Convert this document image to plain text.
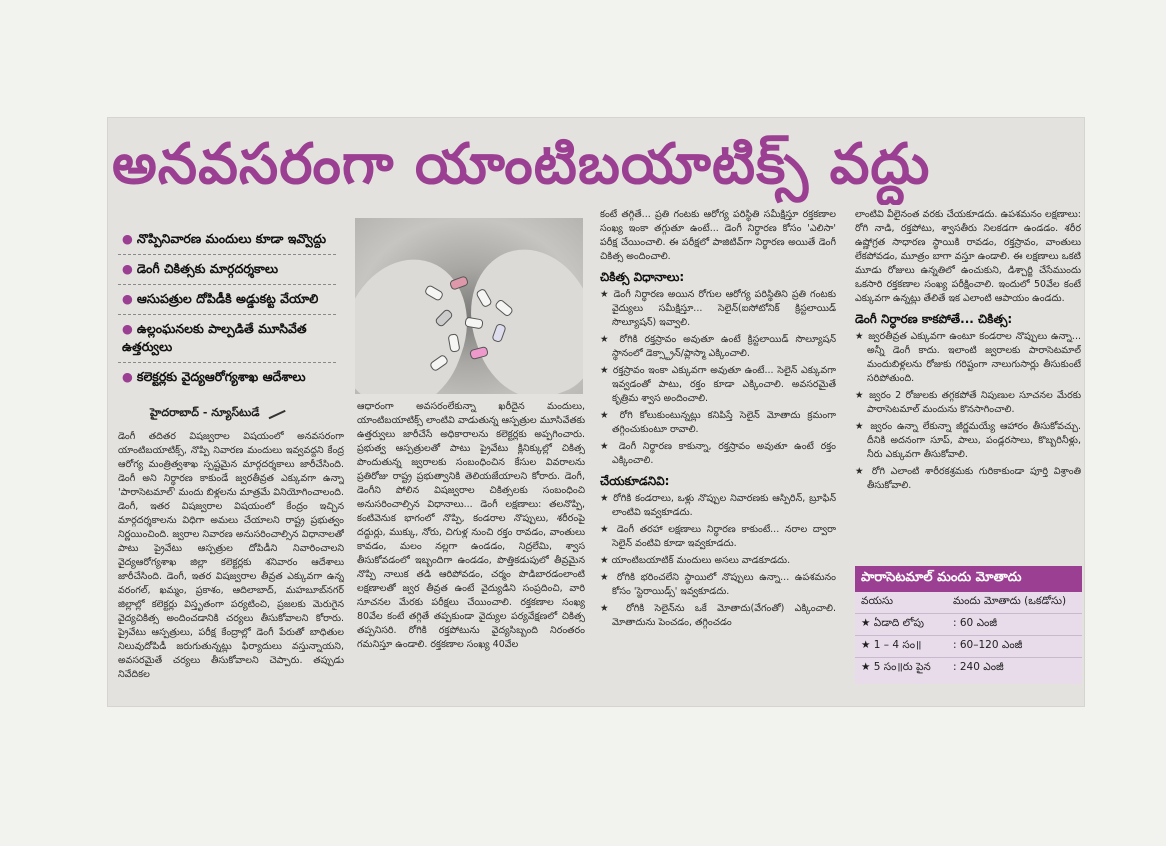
అనవసరంగా యాంటిబయాటిక్స్ వద్దు
● నొప్పినివారణ మందులు కూడా ఇవ్వొద్దు
● డెంగీ చికిత్సకు మార్గదర్శకాలు
● ఆసుపత్రుల దోపిడీకి అడ్డుకట్ట వేయాలి
● ఉల్లంఘనలకు పాల్పడితే మూసివేత ఉత్తర్వులు
● కలెక్టర్లకు వైద్యఆరోగ్యశాఖ ఆదేశాలు
హైదరాబాద్ - న్యూస్‌టుడే
డెంగీ తదితర విషజ్వరాల విషయంలో అనవసరంగా యాంటిబయాటిక్స్, నొప్పి నివారణ మందులు ఇవ్వవద్దని కేంద్ర ఆరోగ్య మంత్రిత్వశాఖ స్పష్టమైన మార్గదర్శకాలు జారీచేసింది. డెంగీ అని నిర్ధారణ కాకుండే జ్వరతీవ్రత ఎక్కువగా ఉన్నా 'పారాసెటమాల్' మందు బిళ్లలను మాత్రమే వినియోగించాలంది. డెంగీ, ఇతర విషజ్వరాల విషయంలో కేంద్రం ఇచ్చిన మార్గదర్శకాలను విధిగా అమలు చేయాలని రాష్ట్ర ప్రభుత్వం నిర్ణయించింది. జ్వరాల నివారణ అనుసరించాల్సిన విధానాలతో పాటు ప్రైవేటు ఆస్పత్రుల దోపిడీని నివారించాలని వైద్యఆరోగ్యశాఖ జిల్లా కలెక్టర్లకు శనివారం ఆదేశాలు జారీచేసింది. డెంగీ, ఇతర విషజ్వరాల తీవ్రత ఎక్కువగా ఉన్న వరంగల్, ఖమ్మం, ప్రకాశం, ఆదిలాబాద్, మహబూబ్‌నగర్ జిల్లాల్లో కలెక్టర్లు విస్తృతంగా పర్యటించి, ప్రజలకు మెరుగైన వైద్యచికిత్స అందించడానికి చర్యలు తీసుకోవాలని కోరారు. ప్రైవేటు ఆస్పత్రులు, పరీక్ష కేంద్రాల్లో డెంగీ పేరుతో బాధితుల నిలువుదోపిడీ జరుగుతున్నట్లు ఫిర్యాదులు వస్తున్నాయని, అవసరమైతే చర్యలు తీసుకోవాలని చెప్పారు. తప్పుడు నివేదికల
ఆధారంగా అవసరంలేకున్నా ఖరీదైన మందులు, యాంటిబయాటిక్స్ లాంటివి వాడుతున్న ఆస్పత్రుల మూసివేతకు ఉత్తర్వులు జారీచేసే అధికారాలను కలెక్టర్లకు అప్పగించారు. ప్రభుత్వ ఆస్పత్రులతో పాటు ప్రైవేటు క్లినిక్కుల్లో చికిత్స పొందుతున్న జ్వరాలకు సంబంధించిన కేసుల వివరాలను ప్రతిరోజు రాష్ట్ర ప్రభుత్వానికి తెలియజేయాలని కోరారు. డెంగీ, డెంగీని పోలిన విషజ్వరాల చికిత్సలకు సంబంధించి అనుసరించాల్సిన విధానాలు... డెంగీ లక్షణాలు: తలనొప్పి, కంటివెనుక భాగంలో నొప్పి, కండరాల నొప్పులు, శరీరంపై దద్దుర్లు, ముక్కు, నోరు, చిగుళ్ల నుంచి రక్తం రావడం, వాంతులు కావడం, మలం నల్లగా ఉండడం, నిద్రలేమి, శ్వాస తీసుకోవడంలో ఇబ్బందిగా ఉండడం, పొత్తికడుపులో తీవ్రమైన నొప్పి నాలుక తడి ఆరిపోవడం, చర్మం పొడిబారడంలాంటి లక్షణాలతో జ్వర తీవ్రత ఉంటే వైద్యుడిని సంప్రదించి, వారి సూచనల మేరకు పరీక్షలు చేయించాలి. రక్తకణాల సంఖ్య 80వేల కంటే తగ్గితే తప్పకుండా వైద్యుల పర్యవేక్షణలో చికిత్స తప్పనిసరి. రోగికి రక్తపోటును వైద్యసిబ్బంది నిరంతరం గమనిస్తూ ఉండాలి. రక్తకణాల సంఖ్య 40వేల
కంటే తగ్గితే... ప్రతి గంటకు ఆరోగ్య పరిస్థితి సమీక్షిస్తూ రక్తకణాల సంఖ్య ఇంకా తగ్గుతూ ఉంటే... డెంగీ నిర్ధారణ కోసం 'ఎలిసా' పరీక్ష చేయించాలి. ఈ పరీక్షలో పాజిటివ్‌గా నిర్ధారణ అయితే డెంగీ చికిత్స అందించాలి.
చికిత్స విధానాలు:
★ డెంగీ నిర్ధారణ అయిన రోగుల ఆరోగ్య పరిస్థితిని ప్రతి గంటకు వైద్యులు సమీక్షిస్తూ... సెలైన్(ఐసోటోనిక్ క్రిస్టలాయిడ్ సొల్యూషన్) ఇవ్వాలి.
★ రోగికి రక్తస్రావం అవుతూ ఉంటే క్రిస్టలాయిడ్ సొల్యూషన్ స్థానంలో డెక్స్ట్రాన్/ప్లాస్మా ఎక్కించాలి.
★ రక్తస్రావం ఇంకా ఎక్కువగా అవుతూ ఉంటే... సెలైన్ ఎక్కువగా ఇవ్వడంతో పాటు, రక్తం కూడా ఎక్కించాలి. అవసరమైతే కృత్రిమ శ్వాస అందించాలి.
★ రోగి కోలుకుంటున్నట్లు కనిపిస్తే సెలైన్ మోతాదు క్రమంగా తగ్గించుకుంటూ రావాలి.
★ డెంగీ నిర్ధారణ కాకున్నా, రక్తస్రావం అవుతూ ఉంటే రక్తం ఎక్కించాలి.
చేయకూడనివి:
★ రోగికి కండరాలు, ఒళ్లు నొప్పుల నివారణకు ఆస్పిరిన్, బ్రూఫిన్ లాంటివి ఇవ్వకూడదు.
★ డెంగీ తరహా లక్షణాలు నిర్ధారణ కాకుంటే... నరాల ద్వారా సెలైన్ వంటివి కూడా ఇవ్వకూడదు.
★ యాంటిబయాటిక్ మందులు అసలు వాడకూడదు.
★ రోగికి భరించలేని స్థాయిలో నొప్పులు ఉన్నా... ఉపశమనం కోసం 'స్టెరాయిడ్స్' ఇవ్వకూడదు.
★ రోగికి సెలైన్‌ను ఒకే మోతాదు(వేగంతో) ఎక్కించాలి. మోతాదును పెంచడం, తగ్గించడం
లాంటివి వీలైనంత వరకు చేయకూడదు. ఉపశమనం లక్షణాలు: రోగి నాడి, రక్తపోటు, శ్వాసతీరు నిలకడగా ఉండడం. శరీర ఉష్ణోగ్రత సాధారణ స్థాయికి రావడం, రక్తస్రావం, వాంతులు లేకపోవడం, మూత్రం బాగా వస్తూ ఉండాలి. ఈ లక్షణాలు ఒకటి మూడు రోజులు ఉన్నతిలో ఉంచుకుని, డిశ్చార్జి చేసేముందు ఒకసారి రక్తకణాల సంఖ్య పరీక్షించాలి. ఇందులో 50వేల కంటే ఎక్కువగా ఉన్నట్లు తేలితే ఇక ఎలాంటి ఆపాయం ఉండదు.
డెంగీ నిర్ధారణ కాకపోతే... చికిత్స:
★ జ్వరతీవ్రత ఎక్కువగా ఉంటూ కండరాల నొప్పులు ఉన్నా... అన్నీ డెంగీ కాదు. ఇలాంటి జ్వరాలకు పారాసెటమాల్ మందుబిళ్లలను రోజుకు గరిష్టంగా నాలుగుసార్లు తీసుకుంటే సరిపోతుంది.
★ జ్వరం 2 రోజులకు తగ్గకపోతే నిపుణుల సూచనల మేరకు పారాసెటమాల్ మందును కొనసాగించాలి.
★ జ్వరం ఉన్నా లేకున్నా జీర్ణమయ్యే ఆహారం తీసుకోవచ్చు. దీనికి అదనంగా సూప్, పాలు, పండ్లరసాలు, కొబ్బరినీళ్లు, నీరు ఎక్కువగా తీసుకోవాలి.
★ రోగి ఎలాంటి శారీరకశ్రమకు గురికాకుండా పూర్తి విశ్రాంతి తీసుకోవాలి.
పారాసెటమాల్ మందు మోతాదు
వయసు	మందు మోతాదు (ఒకడోసు)
★ ఏడాది లోపు	: 60 ఎంజీ
★ 1 – 4 సం॥	: 60–120 ఎంజీ
★ 5 సం॥రు పైన	: 240 ఎంజీ
